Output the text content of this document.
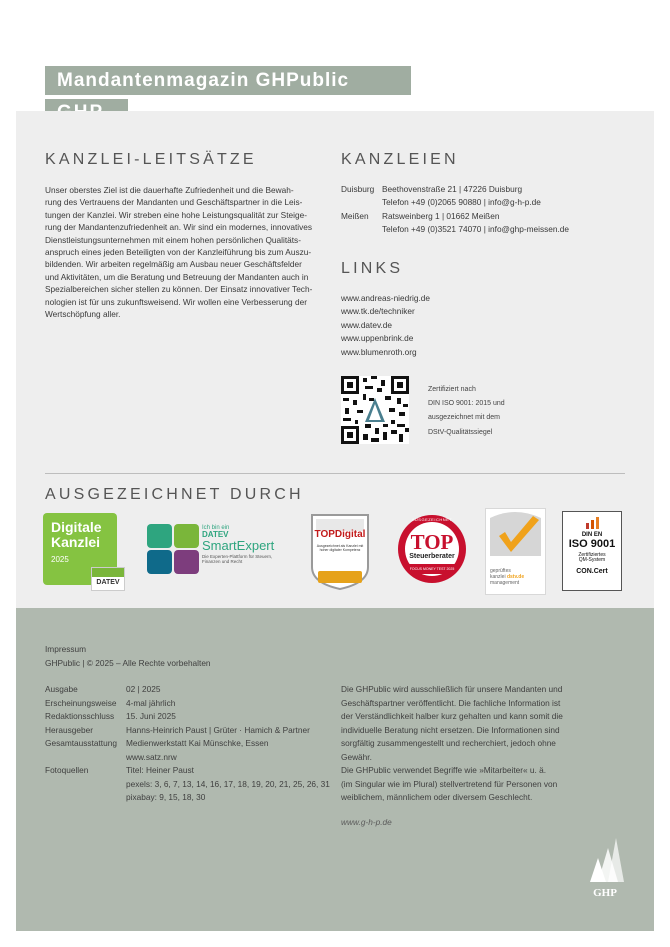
Mandantenmagazin GHPublic
KANZLEI-LEITSÄTZE
Unser oberstes Ziel ist die dauerhafte Zufriedenheit und die Bewah-
rung des Vertrauens der Mandanten und Geschäftspartner in die Leis-
tungen der Kanzlei. Wir streben eine hohe Leistungsqualität zur Steige-
rung der Mandantenzufriedenheit an. Wir sind ein modernes, innovatives
Dienstleistungsunternehmen mit einem hohen persönlichen Qualitäts-
anspruch eines jeden Beteiligten von der Kanzleiführung bis zum Auszu-
bildenden. Wir arbeiten regelmäßig am Ausbau neuer Geschäftsfelder
und Aktivitäten, um die Beratung und Betreuung der Mandanten auch in
Spezialbereichen sicher stellen zu können. Der Einsatz innovativer Tech-
nologien ist für uns zukunftsweisend. Wir wollen eine Verbesserung der
Wertschöpfung aller.
KANZLEIEN
Duisburg Beethovenstraße 21 | 47226 Duisburg
Telefon +49 (0)2065 90880 | info@g-h-p.de
Meißen	Ratsweinberg 1 | 01662 Meißen
Telefon +49 (0)3521 74070 | info@ghp-meissen.de
LINKS
www.andreas-niedrig.de
www.tk.de/techniker
www.datev.de
www.uppenbrink.de
www.blumenroth.org
Zertifiziert nach
DIN ISO 9001: 2015 und
ausgezeichnet mit dem
DStV-Qualitätssiegel
AUSGEZEICHNET DURCH
Digitale
Kanzlei
2025
DATEV
Ich bin ein
DATEV
SmartExpert
Die Experten-Plattform für Steuern,
Finanzen und Recht
TOPDigital
Ausgezeichnet als Kanzlei mit
hoher digitaler Kompetenz
★★★★★
AUSGEZEICHNET
TOP
Steuerberater
FOCUS MONEY TEST 2025	geprüftes
kanzlei dstv.de
management
DIN EN
ISO 9001
Zertifiziertes
QM-System
CON.Cert
Impressum
GHPublic | © 2025 – Alle Rechte vorbehalten
Ausgabe	02 | 2025
Erscheinungsweise	4-mal jährlich
Redaktionsschluss	15. Juni 2025
Herausgeber	Hanns-Heinrich Paust | Grüter · Hamich & Partner
Gesamtausstattung	Medienwerkstatt Kai Münschke, Essen
www.satz.nrw
Fotoquellen	Titel: Heiner Paust
pexels: 3, 6, 7, 13, 14, 16, 17, 18, 19, 20, 21, 25, 26, 31
pixabay: 9, 15, 18, 30
Die GHPublic wird ausschließlich für unsere Mandanten und
Geschäftspartner veröffentlicht. Die fachliche Information ist
der Verständlichkeit halber kurz gehalten und kann somit die
individuelle Beratung nicht ersetzen. Die Informationen sind
sorgfältig zusammengestellt und recherchiert, jedoch ohne
Gewähr.
Die GHPublic verwendet Begriffe wie »Mitarbeiter« u. ä.
(im Singular wie im Plural) stellvertretend für Personen von
weiblichem, männlichem oder diversem Geschlecht.
www.g-h-p.de
GHP
